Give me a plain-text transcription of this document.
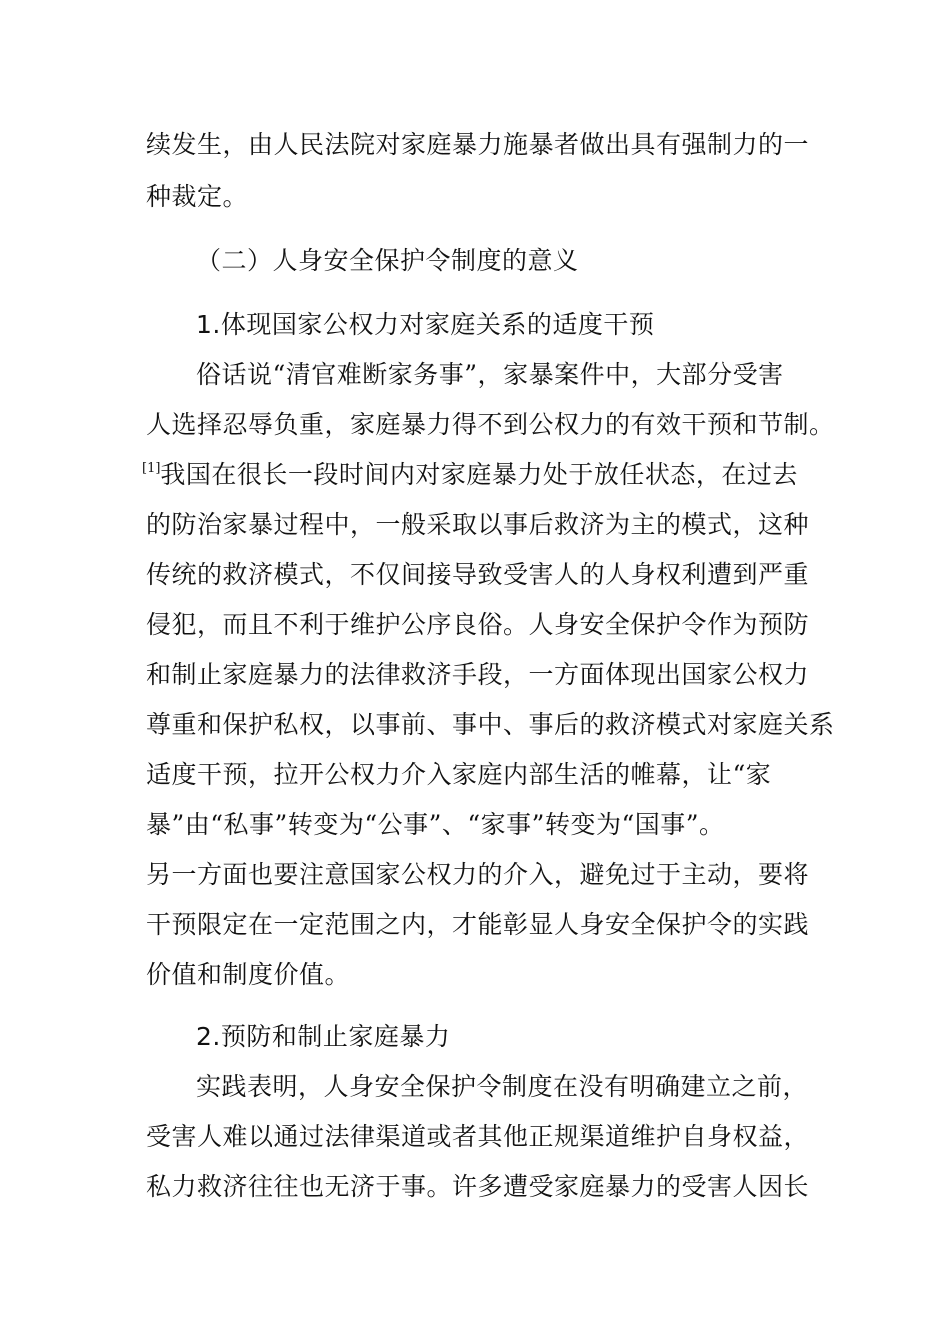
续发生，由人民法院对家庭暴力施暴者做出具有强制力的一
种裁定。
（二）人身安全保护令制度的意义
1.体现国家公权力对家庭关系的适度干预
俗话说“清官难断家务事”，家暴案件中，大部分受害
人选择忍辱负重，家庭暴力得不到公权力的有效干预和节制。
[1]我国在很长一段时间内对家庭暴力处于放任状态，在过去
的防治家暴过程中，一般采取以事后救济为主的模式，这种
传统的救济模式，不仅间接导致受害人的人身权利遭到严重
侵犯，而且不利于维护公序良俗。人身安全保护令作为预防
和制止家庭暴力的法律救济手段，一方面体现出国家公权力
尊重和保护私权，以事前、事中、事后的救济模式对家庭关系
适度干预，拉开公权力介入家庭内部生活的帷幕，让“家
暴”由“私事”转变为“公事”、“家事”转变为“国事”。
另一方面也要注意国家公权力的介入，避免过于主动，要将
干预限定在一定范围之内，才能彰显人身安全保护令的实践
价值和制度价值。
2.预防和制止家庭暴力
实践表明，人身安全保护令制度在没有明确建立之前，
受害人难以通过法律渠道或者其他正规渠道维护自身权益，
私力救济往往也无济于事。许多遭受家庭暴力的受害人因长
